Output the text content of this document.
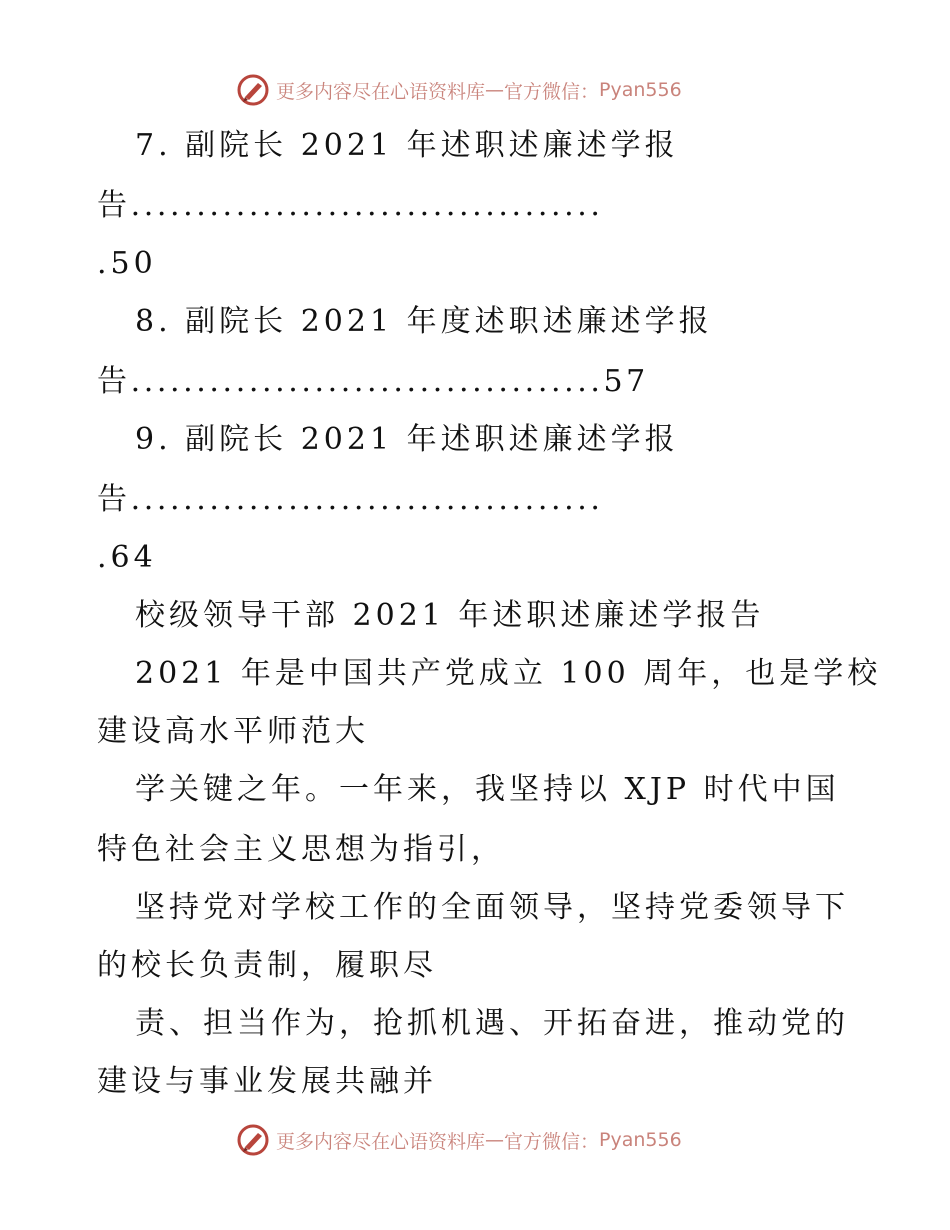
更多内容尽在心语资料库 — 官方微信： Pyan556
7. 副院长 2021 年述职述廉述学报
告....................................
.50
8. 副院长 2021 年度述职述廉述学报
告....................................57
9. 副院长 2021 年述职述廉述学报
告....................................
.64
校级领导干部 2021 年述职述廉述学报告
2021 年是中国共产党成立 100 周年，也是学校
建设高水平师范大
学关键之年。一年来，我坚持以 XJP 时代中国
特色社会主义思想为指引，
坚持党对学校工作的全面领导，坚持党委领导下
的校长负责制，履职尽
责、担当作为，抢抓机遇、开拓奋进，推动党的
建设与事业发展共融并
更多内容尽在心语资料库 — 官方微信： Pyan556
